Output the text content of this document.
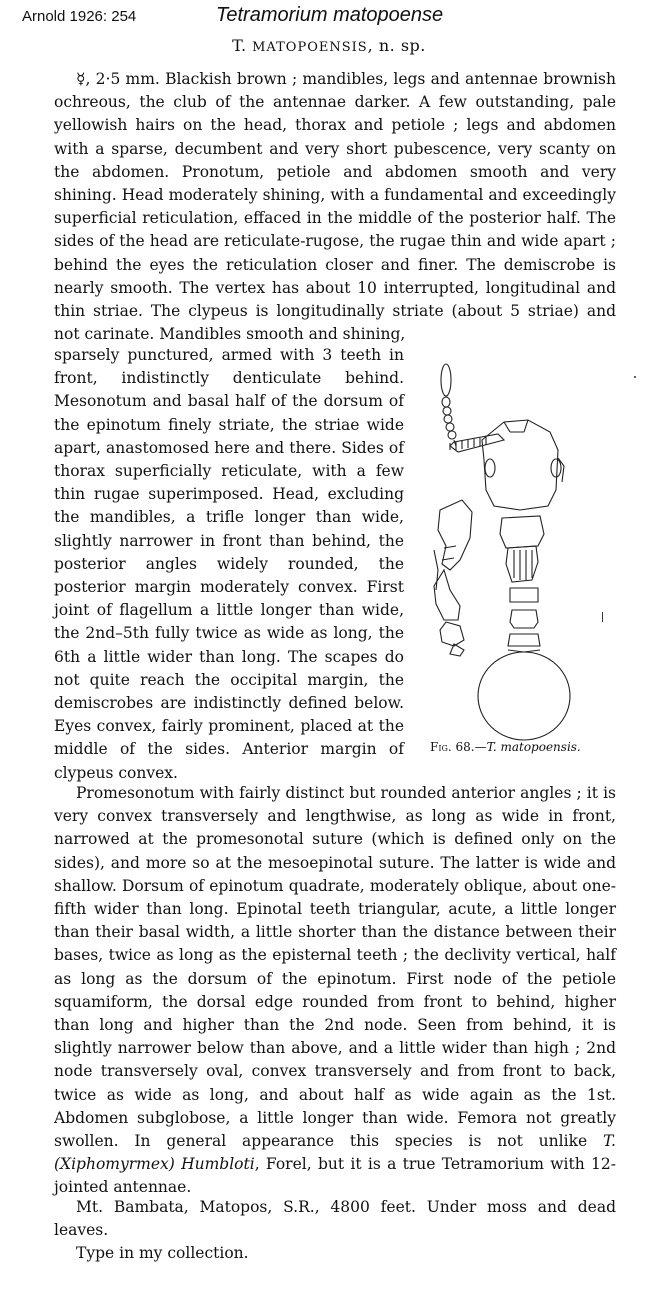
Arnold 1926: 254	Tetramorium matopoense
T. MATOPOENSIS, n. sp.

☿, 2·5 mm. Blackish brown ; mandibles, legs and antennae brownish ochreous, the club of the antennae darker. A few outstanding, pale yellowish hairs on the head, thorax and petiole ; legs and abdomen with a sparse, decumbent and very short pubescence, very scanty on the abdomen. Pronotum, petiole and abdomen smooth and very shining. Head moderately shining, with a fundamental and exceedingly superficial reticulation, effaced in the middle of the posterior half. The sides of the head are reticulate-rugose, the rugae thin and wide apart ; behind the eyes the reticulation closer and finer. The demiscrobe is nearly smooth. The vertex has about 10 interrupted, longitudinal and thin striae. The clypeus is longitudinally striate (about 5 striae) and not carinate. Mandibles smooth and shining,

sparsely punctured, armed with 3 teeth in front, indistinctly denticulate behind. Mesonotum and basal half of the dorsum of the epinotum finely striate, the striae wide apart, anastomosed here and there. Sides of thorax superficially reticulate, with a few thin rugae superimposed. Head, excluding the mandibles, a trifle longer than wide, slightly narrower in front than behind, the posterior angles widely rounded, the posterior margin moderately convex. First joint of flagellum a little longer than wide, the 2nd–5th fully twice as wide as long, the 6th a little wider than long. The scapes do not quite reach the occipital margin, the demiscrobes are indistinctly defined below. Eyes convex, fairly prominent, placed at the middle of the sides. Anterior margin of clypeus convex.

Fig. 68.—T. matopoensis.

Promesonotum with fairly distinct but rounded anterior angles ; it is very convex transversely and lengthwise, as long as wide in front, narrowed at the promesonotal suture (which is defined only on the sides), and more so at the mesoepinotal suture. The latter is wide and shallow. Dorsum of epinotum quadrate, moderately oblique, about one-fifth wider than long. Epinotal teeth triangular, acute, a little longer than their basal width, a little shorter than the distance between their bases, twice as long as the episternal teeth ; the declivity vertical, half as long as the dorsum of the epinotum. First node of the petiole squamiform, the dorsal edge rounded from front to behind, higher than long and higher than the 2nd node. Seen from behind, it is slightly narrower below than above, and a little wider than high ; 2nd node transversely oval, convex transversely and from front to back, twice as wide as long, and about half as wide again as the 1st. Abdomen subglobose, a little longer than wide. Femora not greatly swollen. In general appearance this species is not unlike T. (Xiphomyrmex) Humbloti, Forel, but it is a true Tetramorium with 12-jointed antennae.

Mt. Bambata, Matopos, S.R., 4800 feet. Under moss and dead leaves.

Type in my collection.
